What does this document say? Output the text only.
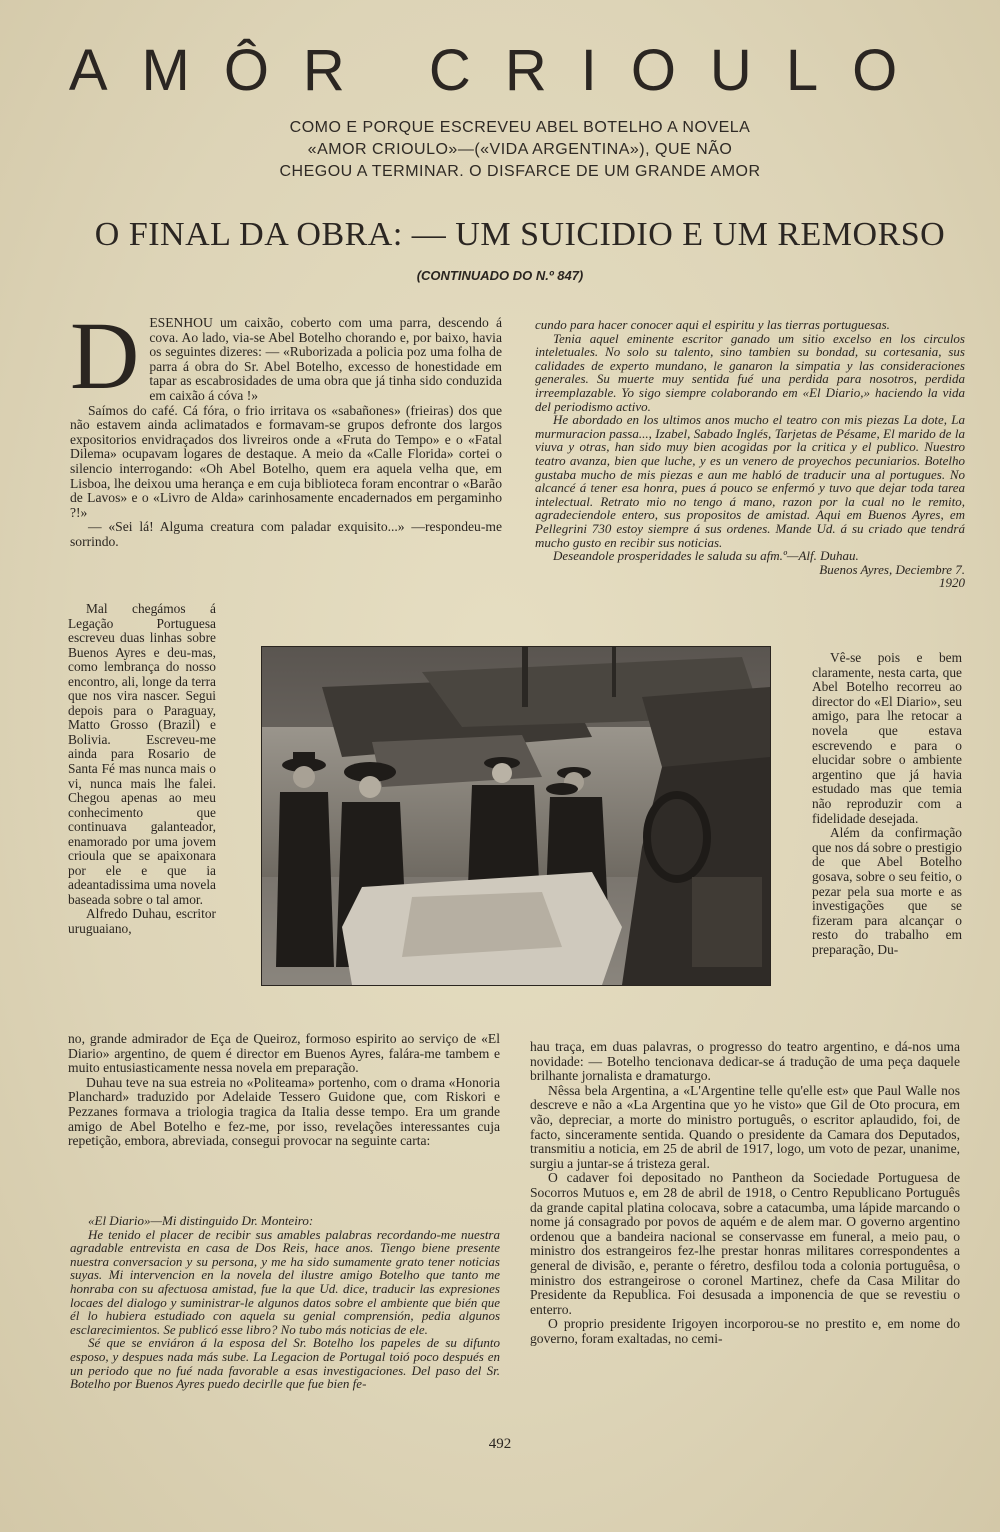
AMÔR CRIOULO
COMO E PORQUE ESCREVEU ABEL BOTELHO A NOVELA «AMOR CRIOULO»—(«VIDA ARGENTINA»), QUE NÃO CHEGOU A TERMINAR. O DISFARCE DE UM GRANDE AMOR
O FINAL DA OBRA: — UM SUICIDIO E UM REMORSO
(CONTINUADO DO N.º 847)
D ESENHOU um caixão, coberto com uma parra, descendo á cova. Ao lado, via-se Abel Botelho chorando e, por baixo, havia os seguintes dizeres: — «Ruborizada a policia poz uma folha de parra á obra do Sr. Abel Botelho, excesso de honestidade em tapar as escabrosidades de uma obra que já tinha sido conduzida em caixão á cóva !»

Saímos do café. Cá fóra, o frio irritava os «sabañones» (frieiras) dos que não estavem ainda aclimatados e formavam-se grupos defronte dos largos expositorios envidraçados dos livreiros onde a «Fruta do Tempo» e o «Fatal Dilema» ocupavam logares de destaque. A meio da «Calle Florida» cortei o silencio interrogando: «Oh Abel Botelho, quem era aquela velha que, em Lisboa, lhe deixou uma herança e em cuja biblioteca foram encontrar o «Barão de Lavos» e o «Livro de Alda» carinhosamente encadernados em pergaminho ?!»

— «Sei lá! Alguma creatura com paladar exquisito...» —respondeu-me sorrindo.

Mal chegámos á Legação Portuguesa escreveu duas linhas sobre Buenos Ayres e deu-mas, como lembrança do nosso encontro, ali, longe da terra que nos vira nascer. Segui depois para o Paraguay, Matto Grosso (Brazil) e Bolivia. Escreveu-me ainda para Rosario de Santa Fé mas nunca mais o vi, nunca mais lhe falei. Chegou apenas ao meu conhecimento que continuava galanteador, enamorado por uma jovem crioula que se apaixonara por ele e que ia adeantadissima uma novela baseada sobre o tal amor.

Alfredo Duhau, escritor uruguaiano,

no, grande admirador de Eça de Queiroz, formoso espirito ao serviço de «El Diario» argentino, de quem é director em Buenos Ayres, falára-me tambem e muito entusiasticamente nessa novela em preparação.

Duhau teve na sua estreia no «Politeama» portenho, com o drama «Honoria Planchard» traduzido por Adelaide Tessero Guidone que, com Riskori e Pezzanes formava a triologia tragica da Italia desse tempo. Era um grande amigo de Abel Botelho e fez-me, por isso, revelações interessantes cuja repetição, embora, abreviada, consegui provocar na seguinte carta:

«El Diario»—Mi distinguido Dr. Monteiro:

He tenido el placer de recibir sus amables palabras recordando-me nuestra agradable entrevista en casa de Dos Reis, hace anos. Tiengo biene presente nuestra conversacion y su persona, y me ha sido sumamente grato tener noticias suyas. Mi intervencion en la novela del ilustre amigo Botelho que tanto me honraba con su afectuosa amistad, fue la que Ud. dice, traducir las expresiones locaes del dialogo y suministrar-le algunos datos sobre el ambiente que bién que él lo hubiera estudiado con aquela su genial comprensión, pedia algunos esclarecimientos. Se publicó esse libro? No tubo más noticias de ele.

Sé que se enviáron á la esposa del Sr. Botelho los papeles de su difunto esposo, y despues nada más sube. La Legacion de Portugal toió poco después en un periodo que no fué nada favorable a esas investigaciones. Del paso del Sr. Botelho por Buenos Ayres puedo decirlle que fue bien fe-

cundo para hacer conocer aqui el espiritu y las tierras portuguesas.

Tenia aquel eminente escritor ganado um sitio excelso en los circulos inteletuales. No solo su talento, sino tambien su bondad, su cortesania, sus calidades de experto mundano, le ganaron la simpatia y las consideraciones generales. Su muerte muy sentida fué una perdida para nosotros, perdida irreemplazable. Yo sigo siempre colaborando em «El Diario,» haciendo la vida del periodismo activo.

He abordado en los ultimos anos mucho el teatro con mis piezas La dote, La murmuracion passa..., Izabel, Sabado Inglés, Tarjetas de Pésame, El marido de la viuva y otras, han sido muy bien acogidas por la critica y el publico. Nuestro teatro avanza, bien que luche, y es un venero de proyechos pecuniarios. Botelho gustaba mucho de mis piezas e aun me habló de traducir una al portugues. No alcancé á tener esa honra, pues á pouco se enfermó y tuvo que dejar toda tarea intelectual. Retrato mio no tengo á mano, razon por la cual no le remito, agradeciendole entero, sus propositos de amistad. Aqui em Buenos Ayres, em Pellegrini 730 estoy siempre á sus ordenes. Mande Ud. á su criado que tendrá mucho gusto en recibir sus noticias.

Deseandole prosperidades le saluda su afm.º—Alf. Duhau.

Buenos Ayres, Deciembre 7. 1920

Vê-se pois e bem claramente, nesta carta, que Abel Botelho recorreu ao director do «El Diario», seu amigo, para lhe retocar a novela que estava escrevendo e para o elucidar sobre o ambiente argentino que já havia estudado mas que temia não reproduzir com a fidelidade desejada.

Além da confirmação que nos dá sobre o prestigio de que Abel Botelho gosava, sobre o seu feitio, o pezar pela sua morte e as investigações que se fizeram para alcançar o resto do trabalho em preparação, Du-

hau traça, em duas palavras, o progresso do teatro argentino, e dá-nos uma novidade: — Botelho tencionava dedicar-se á tradução de uma peça daquele brilhante jornalista e dramaturgo.

Nêssa bela Argentina, a «L'Argentine telle qu'elle est» que Paul Walle nos descreve e não a «La Argentina que yo he visto» que Gil de Oto procura, em vão, depreciar, a morte do ministro português, o escritor aplaudido, foi, de facto, sinceramente sentida. Quando o presidente da Camara dos Deputados, transmitiu a noticia, em 25 de abril de 1917, logo, um voto de pezar, unanime, surgiu a juntar-se á tristeza geral.

O cadaver foi depositado no Pantheon da Sociedade Portuguesa de Socorros Mutuos e, em 28 de abril de 1918, o Centro Republicano Português da grande capital platina colocava, sobre a catacumba, uma lápide marcando o nome já consagrado por povos de aquém e de alem mar. O governo argentino ordenou que a bandeira nacional se conservasse em funeral, a meio pau, o ministro dos estrangeiros fez-lhe prestar honras militares correspondentes a general de divisão, e, perante o féretro, desfilou toda a colonia portuguêsa, o ministro dos estrangeirose o coronel Martinez, chefe da Casa Militar do Presidente da Republica. Foi desusada a imponencia de que se revestiu o enterro.

O proprio presidente Irigoyen incorporou-se no prestito e, em nome do governo, foram exaltadas, no cemi-

492
